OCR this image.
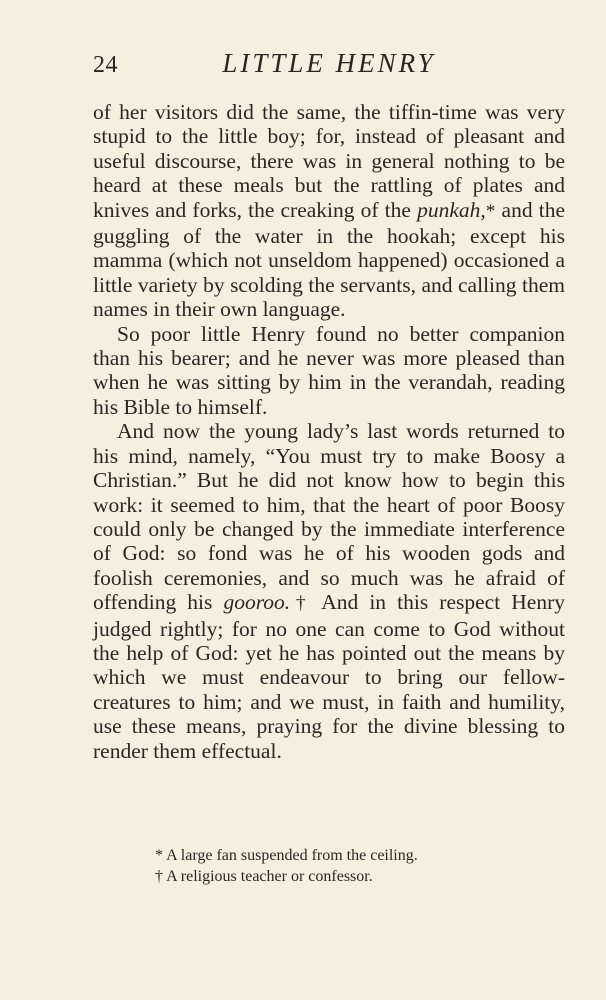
24	LITTLE HENRY

of her visitors did the same, the tiffin-time was very stupid to the little boy; for, instead of pleasant and useful discourse, there was in general nothing to be heard at these meals but the rattling of plates and knives and forks, the creaking of the punkah,* and the guggling of the water in the hookah; except his mamma (which not unseldom happened) occasioned a little variety by scolding the servants, and calling them names in their own language.

So poor little Henry found no better companion than his bearer; and he never was more pleased than when he was sitting by him in the verandah, reading his Bible to himself.

And now the young lady’s last words returned to his mind, namely, “You must try to make Boosy a Christian.” But he did not know how to begin this work: it seemed to him, that the heart of poor Boosy could only be changed by the immediate interference of God: so fond was he of his wooden gods and foolish ceremonies, and so much was he afraid of offending his gooroo.† And in this respect Henry judged rightly; for no one can come to God without the help of God: yet he has pointed out the means by which we must endeavour to bring our fellow-creatures to him; and we must, in faith and humility, use these means, praying for the divine blessing to render them effectual.

* A large fan suspended from the ceiling.

† A religious teacher or confessor.
